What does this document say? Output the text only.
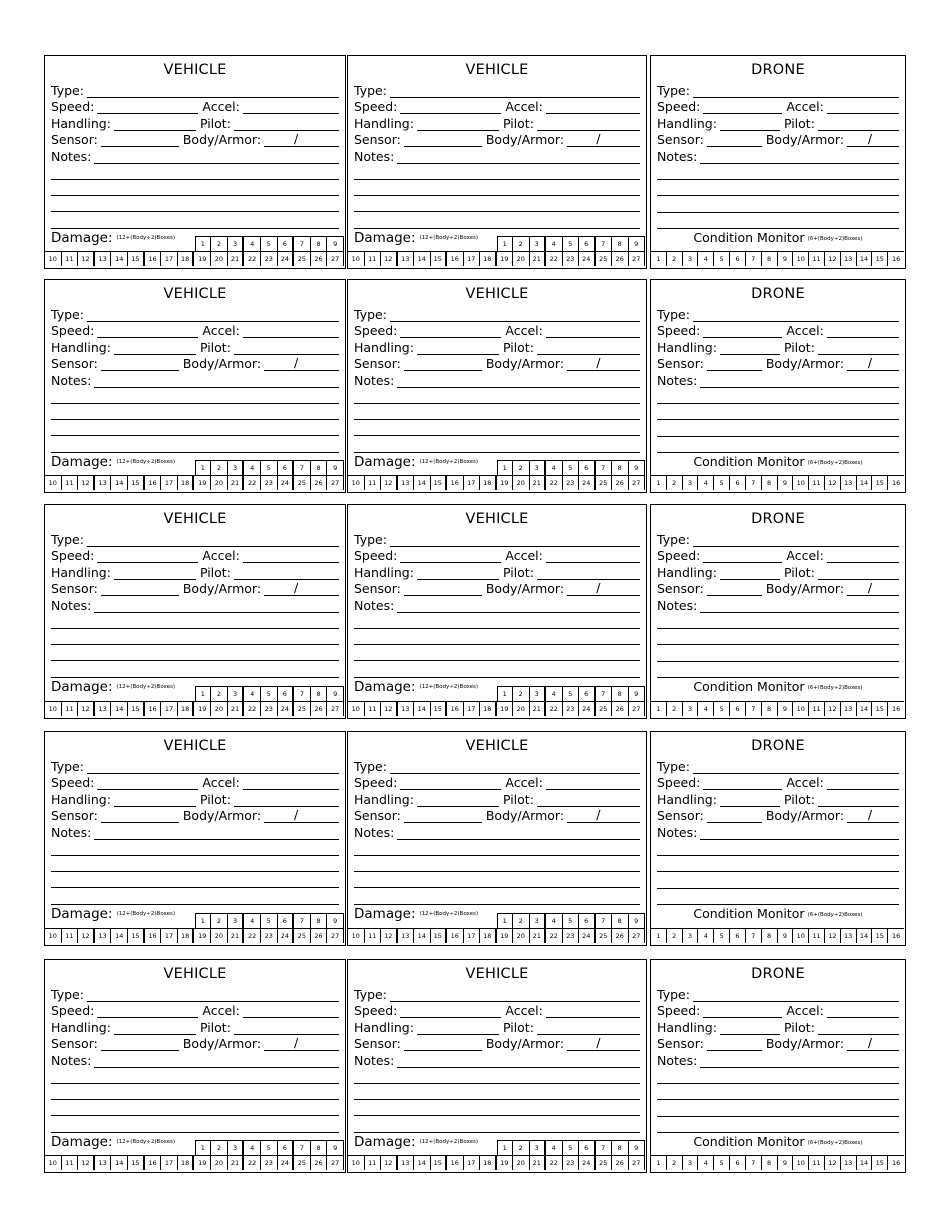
VEHICLE
Type:
Speed:	Accel:
Handling:	Pilot:
Sensor:	Body/Armor:	/
Notes:
Damage: (12+(Body÷2)Boxes)
1	2	3	4	5	6	7	8	9
10	11	12	13	14	15	16	17	18	19	20	21	22	23	24	25	26	27
VEHICLE
Type:
Speed:	Accel:
Handling:	Pilot:
Sensor:	Body/Armor:	/
Notes:
Damage: (12+(Body÷2)Boxes)
1	2	3	4	5	6	7	8	9
10	11	12	13	14	15	16	17	18	19	20	21	22	23	24	25	26	27
DRONE
Type:
Speed:	Accel:
Handling:	Pilot:
Sensor:	Body/Armor: /
Notes:
Condition Monitor (6+(Body÷2)Boxes)
1	2	3	4	5	6	7	8	9	10	11	12	13	14	15	16
VEHICLE
Type:
Speed:	Accel:
Handling:	Pilot:
Sensor:	Body/Armor:	/
Notes:
Damage: (12+(Body÷2)Boxes)
1	2	3	4	5	6	7	8	9
10	11	12	13	14	15	16	17	18	19	20	21	22	23	24	25	26	27
VEHICLE
Type:
Speed:	Accel:
Handling:	Pilot:
Sensor:	Body/Armor:	/
Notes:
Damage: (12+(Body÷2)Boxes)
1	2	3	4	5	6	7	8	9
10	11	12	13	14	15	16	17	18	19	20	21	22	23	24	25	26	27
DRONE
Type:
Speed:	Accel:
Handling:	Pilot:
Sensor:	Body/Armor: /
Notes:
Condition Monitor (6+(Body÷2)Boxes)
1	2	3	4	5	6	7	8	9	10	11	12	13	14	15	16
VEHICLE
Type:
Speed:	Accel:
Handling:	Pilot:
Sensor:	Body/Armor:	/
Notes:
Damage: (12+(Body÷2)Boxes)
1	2	3	4	5	6	7	8	9
10	11	12	13	14	15	16	17	18	19	20	21	22	23	24	25	26	27
VEHICLE
Type:
Speed:	Accel:
Handling:	Pilot:
Sensor:	Body/Armor:	/
Notes:
Damage: (12+(Body÷2)Boxes)
1	2	3	4	5	6	7	8	9
10	11	12	13	14	15	16	17	18	19	20	21	22	23	24	25	26	27
DRONE
Type:
Speed:	Accel:
Handling:	Pilot:
Sensor:	Body/Armor: /
Notes:
Condition Monitor (6+(Body÷2)Boxes)
1	2	3	4	5	6	7	8	9	10	11	12	13	14	15	16
VEHICLE
Type:
Speed:	Accel:
Handling:	Pilot:
Sensor:	Body/Armor:	/
Notes:
Damage: (12+(Body÷2)Boxes)
1	2	3	4	5	6	7	8	9
10	11	12	13	14	15	16	17	18	19	20	21	22	23	24	25	26	27
VEHICLE
Type:
Speed:	Accel:
Handling:	Pilot:
Sensor:	Body/Armor:	/
Notes:
Damage: (12+(Body÷2)Boxes)
1	2	3	4	5	6	7	8	9
10	11	12	13	14	15	16	17	18	19	20	21	22	23	24	25	26	27
DRONE
Type:
Speed:	Accel:
Handling:	Pilot:
Sensor:	Body/Armor: /
Notes:
Condition Monitor (6+(Body÷2)Boxes)
1	2	3	4	5	6	7	8	9	10	11	12	13	14	15	16
VEHICLE
Type:
Speed:	Accel:
Handling:	Pilot:
Sensor:	Body/Armor:	/
Notes:
Damage: (12+(Body÷2)Boxes)
1	2	3	4	5	6	7	8	9
10	11	12	13	14	15	16	17	18	19	20	21	22	23	24	25	26	27
VEHICLE
Type:
Speed:	Accel:
Handling:	Pilot:
Sensor:	Body/Armor:	/
Notes:
Damage: (12+(Body÷2)Boxes)
1	2	3	4	5	6	7	8	9
10	11	12	13	14	15	16	17	18	19	20	21	22	23	24	25	26	27
DRONE
Type:
Speed:	Accel:
Handling:	Pilot:
Sensor:	Body/Armor: /
Notes:
Condition Monitor (6+(Body÷2)Boxes)
1	2	3	4	5	6	7	8	9	10	11	12	13	14	15	16
